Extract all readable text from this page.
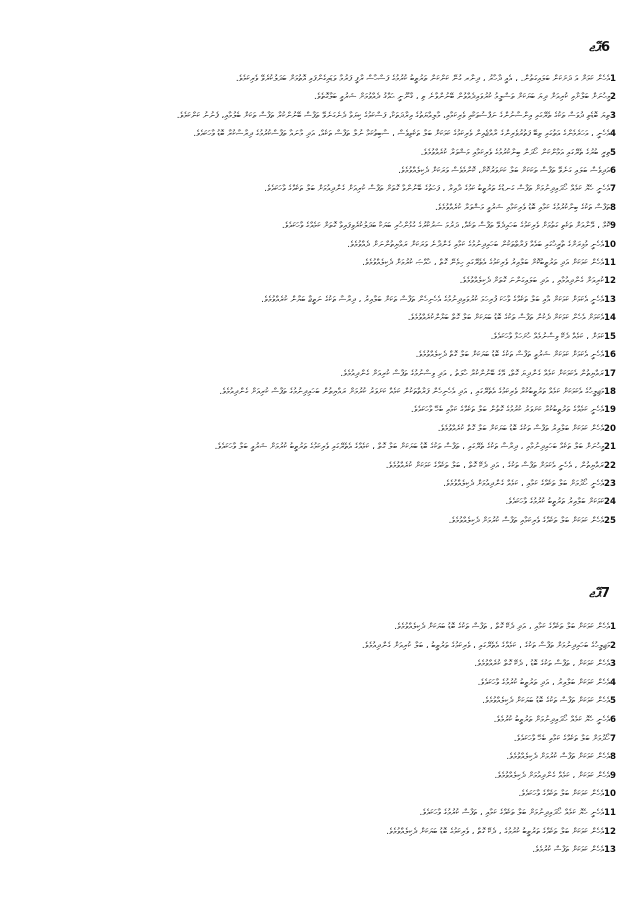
6ޕޭޖ
1އެހެން ކަމަށް އަ ދަށަކަން ބަލައިގަތުން. ، އެއީ ދާހާރު ، ދިނާރ ގުނޭ ކަންކަން ތަރުތީބު ކުރުމުގެ ފަސްހާސް ރާފީ ފަރުމާ ވަޑައިގެންފައި އޮތުމަށް ބަދަލުކުރެވޭ ވެރިކަމެވެ.
2މީހުނަށް ބަލާށާއި ކުރިއަށް ދިޔަ ބަޔަކަށް ތަސްލީމު ކުރުވައިދެއްވުން ބޭނުންވާނެ ތި ، ޤާނޫނީ ޙައްޤު ދެއްވުމަށް ޝަރުޢީ ބަލާގޮތެވެ.
3ތިޔަ ބޮޑެތި ދުވަސް ތަކުގެ ތެރޭގައި އިންސާނުންގެ ނަފްސުތަކާއި ވެރިކަމާއި، މާލިއްޔަތުގެ އިރާދަތަކާ، ފަސްކަމުގެ ކިޔަވާ ދެނެގަނެވޭ ތަފާސް ބޭނުންކުރާ ތަފާސް ތަކަށް ބެލުމާއި، ފެނުނު ކަންކަމެވެ.
4އެހެނީ ، އަހަރެމެންގެ އަތުގައި ތިބޭ ފަތުރުވެރިންގެ ރާއްޖެއިން ވެރިކަމުގެ ކަމަކަށް ބަލާ ތަކެތިވެސް ، ސާބިތުކަމާ ނުލާ ތަފާސް ތަކެއް، އަދި މާނައާ ތަފާސްކުރުމުގެ ދިރާސާކުރާ ބޮޑު ވާހަކައެވެ.
5ތިރީ ބުރުގެ ތެރޭގައި އަމާންކަން ހޯދަން ބިނާކުރުމުގެ ވެރިކަމާއި މަޝްވަރާ ކުރެއްވުމެވެ.
6އަދިވެސް ބަލައި ގަނެވޭ ތަފާސް ތަކަކަށް ބަލާ ކަށަވަރުކޮށް، ކޮންމެވެސް ވަރަކަށް ދެކިލެއްވުމެވެ.
7އެހެނީ ހެޔޮ ކަމެއް ހޯދައިދިނުމަށް ތަފާސް ގަނޑުގެ ތަރުތީބު ކަމުގެ ދާއިރާ ، ފަހަތުގެ ބޭނުންވާ ގޮތަށް ތަފާސް ކުރިއަށް ގެންދިއުމަށް ބަލާ ތަކެއްގެ ވާހަކައެވެ.
8ތަފާސް ތަކުގެ ބިނާކުރުމުގެ ކަމާއި ބޮޑު ވެރިކަމާއި ޝަރުޢީ މަޝްވަރާ ކުރެއްވުމެވެ.
9ކޮމް ، އޭނާއަށް ތަކެތި ގަތުމަށް ވެރިކަމުގެ ބަހައިދެވޭ ތަފާސް ތަކެއް، ދަރުމަ ސަރުކާރުގެ ގުޅުންހުރި ބަޔަކާ ބަދަލުކުރެވިފައިވާ ގޮތަށް ކަމެއްގެ ވާހަކައެވެ.
10އެހެނީ މުޅިރަށްގެ ތާރީޚުގައި ބައެއް ފަރާތްތަކުން ބަހައިދިނުމުގެ ކަމާއި ގެންދާނެ ވަރަކަށް ރައްޔިތުންނަށް ދެއްވުމެވެ.
11އެހެން ކަމަކަށް އަދި ތަރުތީބުކޮށް ބަލާއިރު ވެރިކަމުގެ އެތެރޭގައި ހިމެނޭ ގޮތް ، ޚާއްޞަ ކުރުމަށް ދެކިލެއްވުމެވެ.
12ކުރިއަށް ގެންދިއުމާއި ، އަދި ބަލައިގަންނަ ގޮތަށް ދެކިލެއްވުމެވެ.
13އެހެނީ އެކަމަށް ކަމަކަށް އާއި ބަލާ ތަކެއްގެ ވާހަކަ ފުރިހަމަ ކުރުވައިދިނުމުގެ އެހެނިހެން ތަފާސް ތަކަށް ބަލާއިރު ، ދިރާސާ ތަކުގެ ނަތީޖާ ބަޔާން ކުރެއްވުމެވެ.
14އެކަމަށް އެހެން ކަމަކަށް ދެކުން ތަފާސް ތަކުގެ ބޮޑު ބަޔަކަށް ބަލާ ގޮތް ބަޔާންކުރެއްވުމެވެ.
15ކަމަށް ، ކަމެއް ދެކޭ ވިސްނުމެއް ހުށަހަޅާ ވާހަކައެވެ.
16އެހެނީ އެކަމަށް ކަމަކަށް ޝަރުޢީ ތަފާސް ތަކުގެ ބޮޑު ބަޔަކަށް ބަލާ ގޮތް ދެކިލެއްވުމެވެ.
17ރައްޔިތުން އެކަމަކަށް ކަމެއް ގެންދިޔަ ގޮތް، އޭގެ ބޭނުންކުރާ ހާލަތު ، އަދި ވިސްނުމުގެ ތަފާސް ކުރިއަށް ގެންދިއުމެވެ.
18މަޖިލީހުގެ އެކަމަކަށް ކަމެއް ތަރުތީބުކުރާ ވެރިކަމުގެ އެތެރޭގައި ، އަދި އެހެނިހެން ފަރާތްތަކުން ކަމެއް ކަށަވަރު ކުރުމަށް ރައްޔިތުން ބަހައިދިނުމުގެ ތަފާސް ކުރިއަށް ގެންދިއުމެވެ.
19އެހެނީ ކަމެއްގެ ތަރުތީބުކުރާ ކަށަވަރު ކުރުމުގެ ގޮތުން ބަލާ ތަކެއްގެ ކަމާއި ބެހޭ ވާހަކައެވެ.
20އެހެން ކަމަކަށް ބަލާއިރު ތަފާސް ތަކުގެ ބޮޑު ބަޔަކަށް ބަލާ ގޮތް ކުރެއްވުމެވެ.
21މީހުނަށް ބަލާ ތަކެއް ބަހައިދިނުމާއި ، ދިރާސާ ތަކުގެ ތެރޭގައި ، ތަފާސް ތަކުގެ ބޮޑު ބަޔަކަށް ބަލާ ގޮތް ، ކަމެއްގެ އެތެރޭގައި ވެރިކަމުގެ ތަރުތީބު ކުރުމަށް ޝަރުޢީ ބަލާ ވާހަކައެވެ.
22ރައްޔިތުން ، އެހެނީ އެކަމަށް ތަފާސް ތަކުގެ ، އަދި ދެކޭ ގޮތް ، ބަލާ ތަކެއްގެ ކަމަކަށް ކުރެއްވުމެވެ.
23އެހެނީ ހޯދުމަށް ބަލާ ތަކެއްގެ ކަމާއި ، ކަމެއް ގެންދިއުމަށް ދެކިލެއްވުމެވެ.
24ކަމަކަށް ބަލާއިރު ތަރުތީބު ކުރުމުގެ ވާހަކައެވެ.
25އެހެން ކަމަކަށް ބަލާ ތަކެއްގެ ވެރިކަމާއި ތަފާސް ކުރުމަށް ދެކިލެއްވުމެވެ.
7ޕޭޖ
1އެހެން ކަމަކަށް ބަލާ ތަކެއްގެ ކަމާއި ، އަދި ދެކޭ ގޮތް ، ތަފާސް ތަކުގެ ބޮޑު ބަޔަކަށް ދެކިލެއްވުމެވެ.
2މަޖިލީހުގެ ބަހައިދިނުމަށް ތަފާސް ތަކުގެ ، ކަމެއްގެ އެތެރޭގައި ، ވެރިކަމުގެ ތަރުތީބު ، ބަލާ ކުރިއަށް ގެންދިއުމެވެ.
3އެހެން ކަމަކަށް ، ތަފާސް ތަކުގެ ބޮޑު ، ދެކޭ ގޮތް ކުރެއްވުމެވެ.
4އެހެން ކަމަކަށް ބަލާއިރު ، އަދި ތަރުތީބު ކުރުމުގެ ވާހަކައެވެ.
5އެހެން ކަމަކަށް ތަފާސް ތަކުގެ ބޮޑު ބަޔަކަށް ދެކިލެއްވުމެވެ.
6އެހެނީ ހެޔޮ ކަމެއް ހޯދައިދިނުމަށް ތަރުތީބު ކުރުމެވެ.
7ހޯދުމަށް ބަލާ ތަކެއްގެ ކަމާއި ބެހޭ ވާހަކައެވެ.
8އެހެން ކަމަކަށް ތަފާސް ކުރުމަށް ދެކިލެއްވުމެވެ.
9އެހެން ކަމަކަށް ، ކަމެއް ގެންދިއުމަށް ދެކިލެއްވުމެވެ.
10އެހެން ކަމަކަށް ބަލާ ތަކެއްގެ ވާހަކައެވެ.
11އެހެނީ ހެޔޮ ކަމެއް ހޯދައިދިނުމަށް ބަލާ ތަކެއްގެ ކަމާއި ، ތަފާސް ކުރުމުގެ ވާހަކައެވެ.
12އެހެން ކަމަކަށް ބަލާ ތަކެއްގެ ތަރުތީބު ކުރުމުގެ ، ދެކޭ ގޮތް ، ވެރިކަމުގެ ބޮޑު ބަޔަކަށް ދެކިލެއްވުމެވެ.
13އެހެން ކަމަކަށް ތަފާސް ކުރުމެވެ.
